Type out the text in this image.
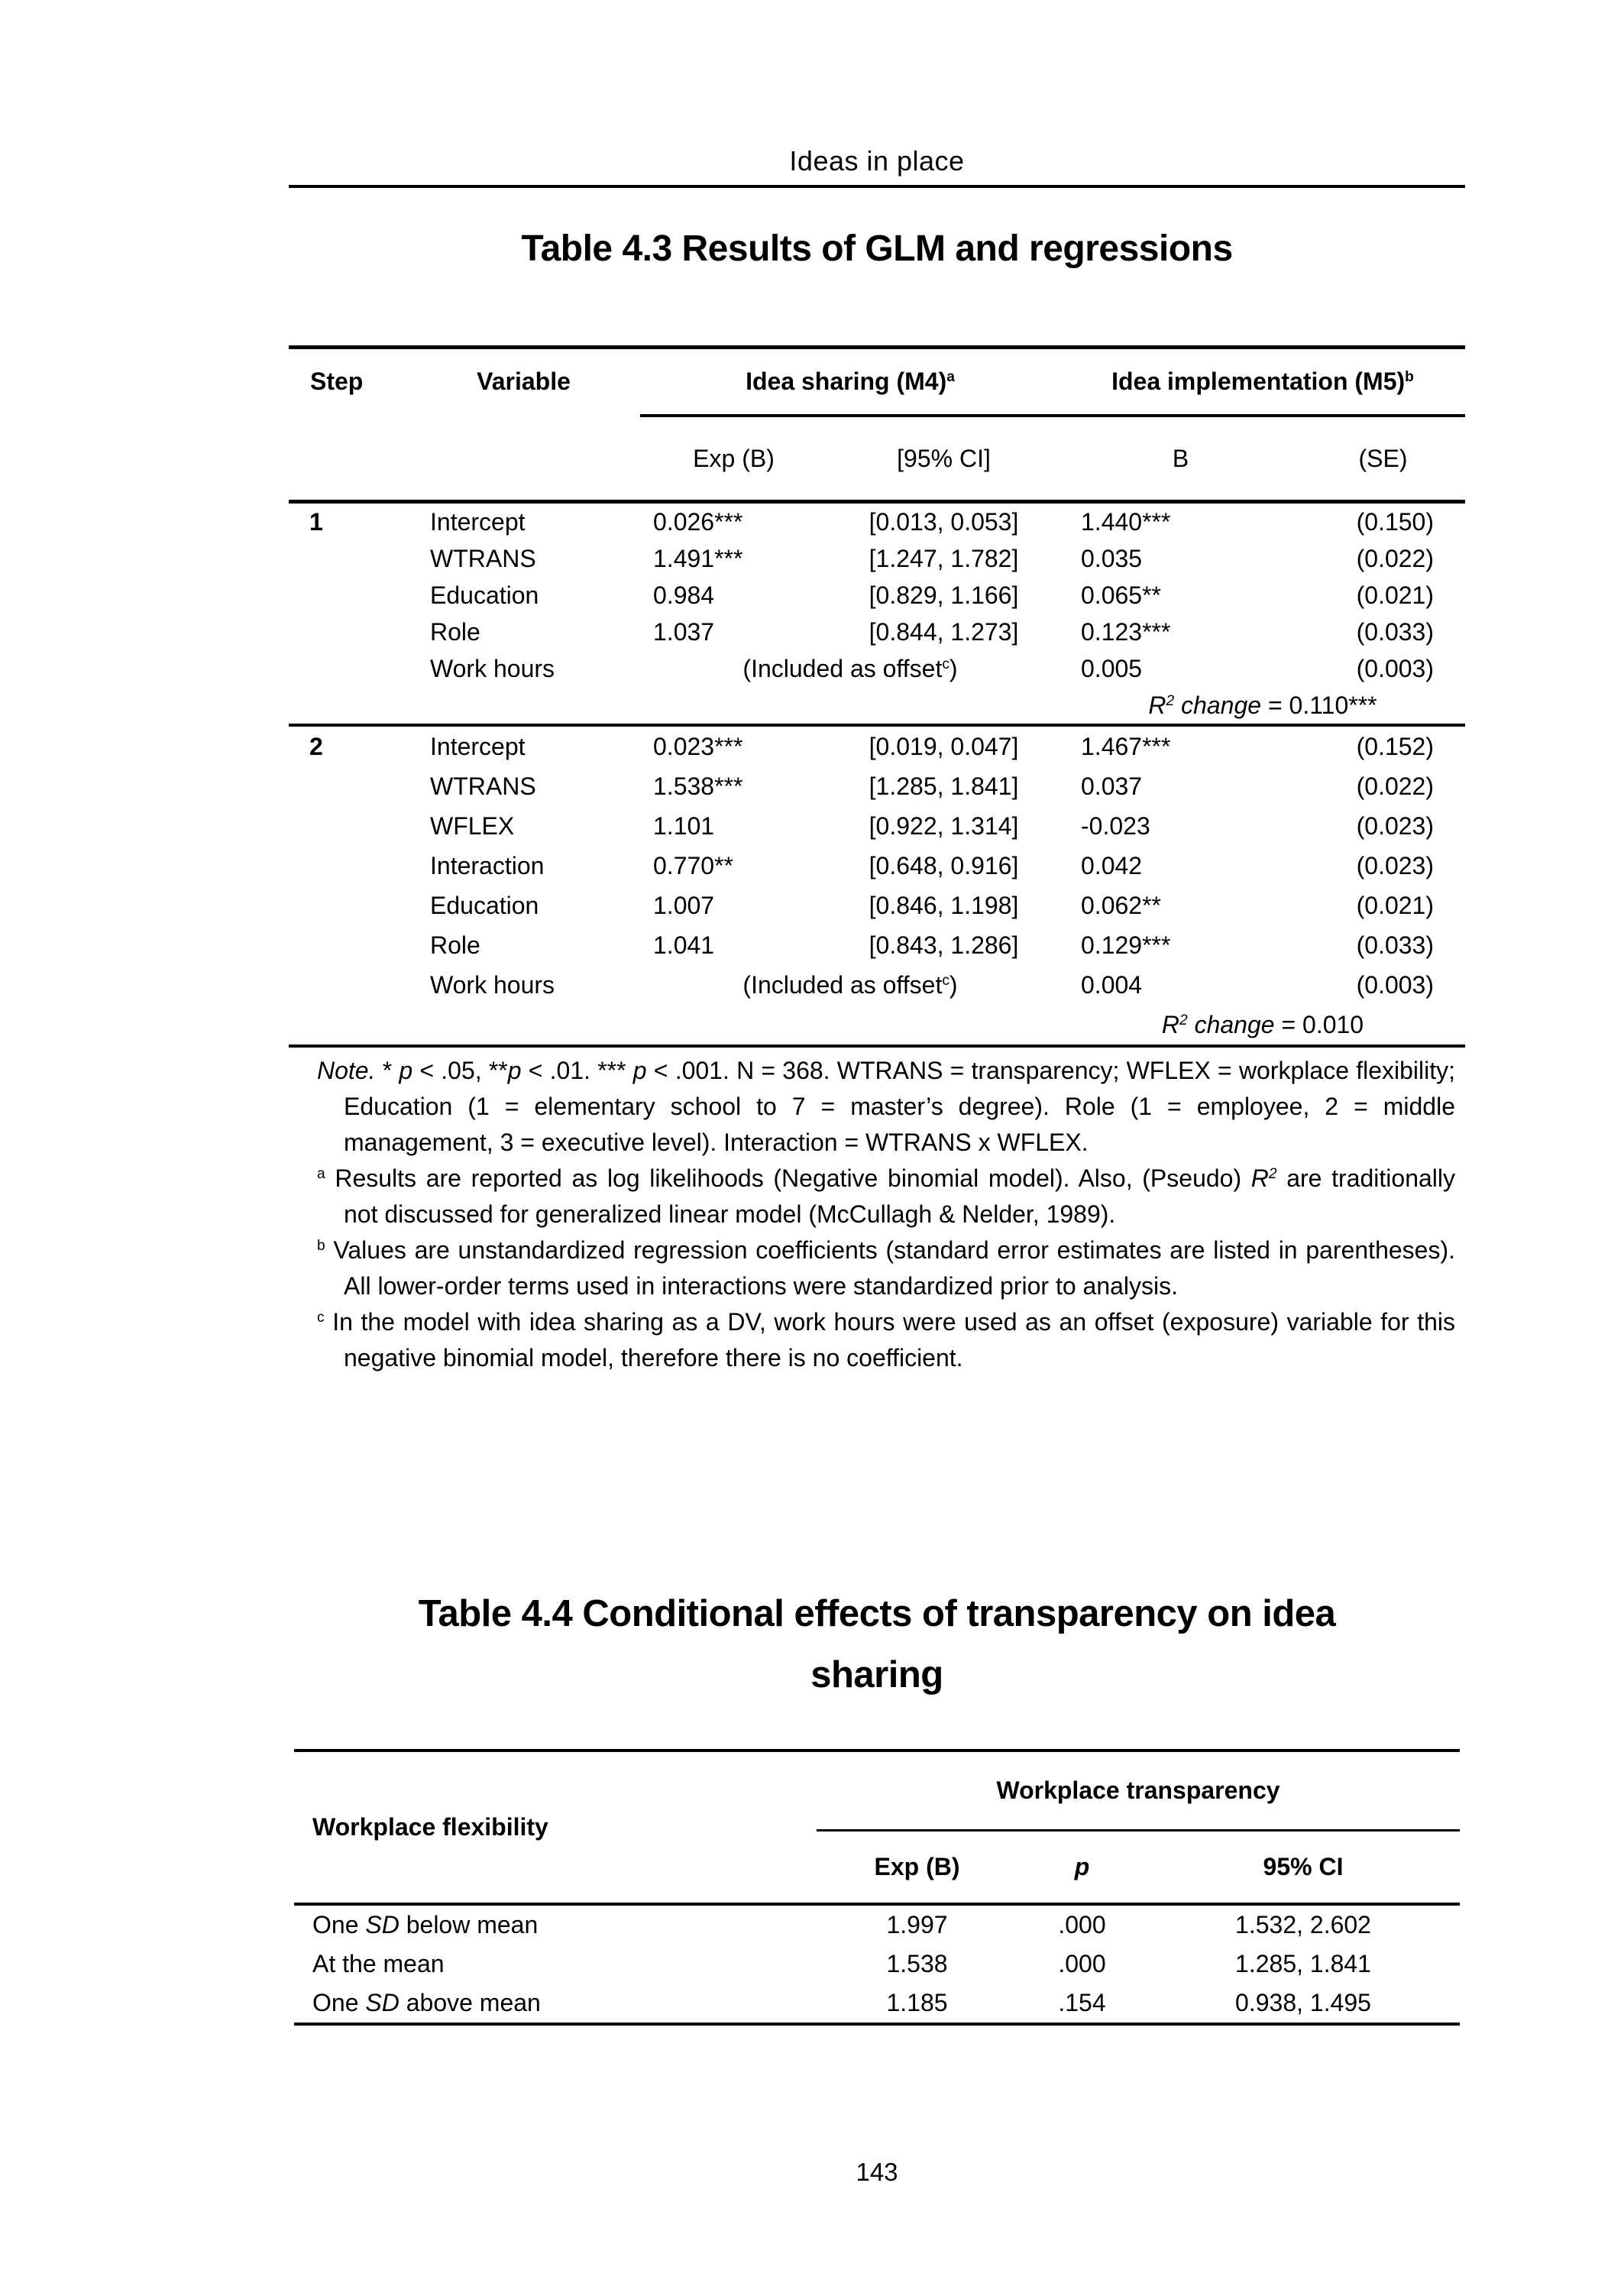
Ideas in place
Table 4.3 Results of GLM and regressions
Step	Variable	Idea sharing $(M4)^a$		Idea implementation $(M5)^b$
		Exp (B)	[95% CI]	B	(SE)
1	Intercept	0.026***	[0.013, 0.053]	1.440***	(0.150)
	WTRANS	1.491***	[1.247, 1.782]	0.035	(0.022)
	Education	0.984	[0.829, 1.166]	0.065**	(0.021)
	Role	1.037	[0.844, 1.273]	0.123***	(0.033)
	Work hours	(Included as offset$^c$)		0.005	(0.003)
				$R^2$ change = 0.110***	
2	Intercept	0.023***	[0.019, 0.047]	1.467***	(0.152)
	WTRANS	1.538***	[1.285, 1.841]	0.037	(0.022)
	WFLEX	1.101	[0.922, 1.314]	-0.023	(0.023)
	Interaction	0.770**	[0.648, 0.916]	0.042	(0.023)
	Education	1.007	[0.846, 1.198]	0.062**	(0.021)
	Role	1.041	[0.843, 1.286]	0.129***	(0.033)
	Work hours	(Included as offset$^c$)		0.004	(0.003)
				$R^2$ change = 0.010	

Note. * p < .05, **p < .01. *** p < .001. N = 368. WTRANS = transparency; WFLEX = workplace flexibility; Education (1 = elementary school to 7 = master’s degree). Role (1 = employee, 2 = middle management, 3 = executive level). Interaction = WTRANS x WFLEX.

$^a$ Results are reported as log likelihoods (Negative binomial model). Also, (Pseudo) $R^2$ are traditionally not discussed for generalized linear model (McCullagh & Nelder, 1989).

$^b$ Values are unstandardized regression coefficients (standard error estimates are listed in parentheses). All lower-order terms used in interactions were standardized prior to analysis.

$^c$ In the model with idea sharing as a DV, work hours were used as an offset (exposure) variable for this negative binomial model, therefore there is no coefficient.

Table 4.4 Conditional effects of transparency on idea
sharing
Workplace flexibility	Workplace transparency		
	Exp (B)	p	95% CI
One SD below mean	1.997	.000	1.532, 2.602
At the mean	1.538	.000	1.285, 1.841
One SD above mean	1.185	.154	0.938, 1.495
143
